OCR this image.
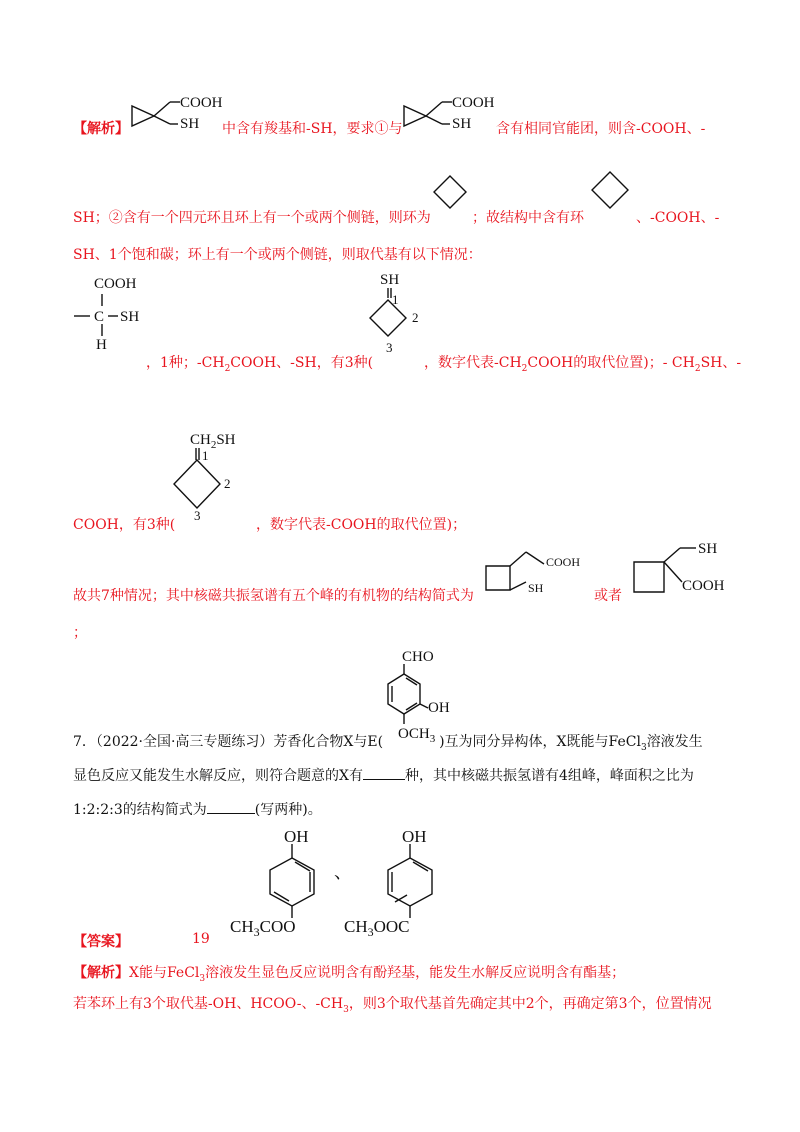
【解析】
COOH
SH 中含有羧基和-SH，要求①与
COOH
SH 含有相同官能团，则含-COOH、-
SH；②含有一个四元环且环上有一个或两个侧链，则环为	；故结构中含有环	、-COOH、-
SH、1个饱和碳；环上有一个或两个侧链，则取代基有以下情况：
COOH
C SH
H
SH
1
2
3
，1种；$-CH_2COOH$、-SH，有3种(	，数字代表$-CH_2COOH$的取代位置)；- $CH_2SH$、-
$CH_2SH$
1
2
3
COOH，有3种(	，数字代表-COOH的取代位置)；
故共7种情况；其中核磁共振氢谱有五个峰的有机物的结构简式为
COOH
SH	或者
SH
COOH
；
CHO
OH
$OCH_3$
7．（2022·全国·高三专题练习）芳香化合物X与E(	)互为同分异构体，X既能与FeCl$_3$溶液发生
显色反应又能发生水解反应，则符合题意的X有	种，其中核磁共振氢谱有4组峰，峰面积之比为
1:2:2:3的结构简式为	(写两种)。
【答案】	19
OH
$CH_3COO$
、
OH
$CH_3OOC$
【解析】X能与FeCl$_3$溶液发生显色反应说明含有酚羟基，能发生水解反应说明含有酯基；
若苯环上有3个取代基-OH、HCOO-、$-CH_3$，则3个取代基首先确定其中2个，再确定第3个，位置情况
